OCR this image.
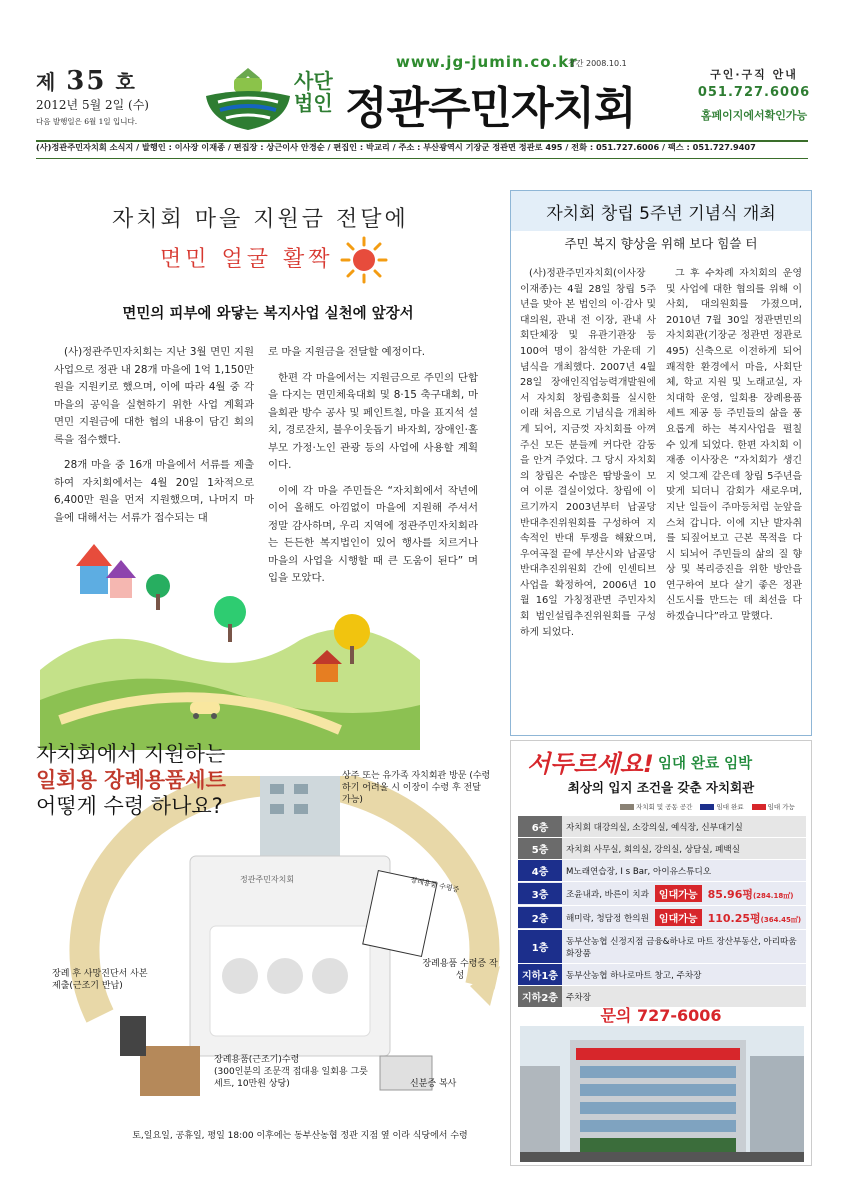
제 35 호
2012년 5월 2일 (수)
다음 발행일은 6월 1일 입니다.
www.jg-jumin.co.kr
창간 2008.10.1
사단법인 정관주민자치회
구인·구직 안내
051.727.6006
홈페이지에서확인가능
(사)정관주민자치회 소식지 / 발행인 : 이사장 이재종 / 편집장 : 상근이사 안경순 / 편집인 : 박교리 / 주소 : 부산광역시 기장군 정관면 정관로 495 / 전화 : 051.727.6006 / 팩스 : 051.727.9407
자치회 마을 지원금 전달에
면민 얼굴 활짝
면민의 피부에 와닿는 복지사업 실천에 앞장서

(사)정관주민자치회는 지난 3월 면민 지원 사업으로 정관 내 28개 마을에 1억 1,150만 원을 지원키로 했으며, 이에 따라 4월 중 각 마을의 공익을 실현하기 위한 사업 계획과 면민 지원금에 대한 협의 내용이 담긴 회의록을 접수했다.

28개 마을 중 16개 마을에서 서류를 제출하여 자치회에서는 4월 20일 1차적으로 6,400만 원을 먼저 지원했으며, 나머지 마을에 대해서는 서류가 접수되는 대

로 마을 지원금을 전달할 예정이다.

한편 각 마을에서는 지원금으로 주민의 단합을 다지는 면민체육대회 및 8·15 축구대회, 마을회관 방수 공사 및 페인트칠, 마을 표지석 설치, 경로잔치, 불우이웃돕기 바자회, 장애인·홀부모 가정·노인 관광 등의 사업에 사용할 계획이다.

이에 각 마을 주민들은 “자치회에서 작년에 이어 올해도 아낌없이 마을에 지원해 주셔서 정말 감사하며, 우리 지역에 정관주민자치회라는 든든한 복지법인이 있어 행사를 치르거나 마을의 사업을 시행할 때 큰 도움이 된다” 며 입을 모았다.

자치회 창립 5주년 기념식 개최
주민 복지 향상을 위해 보다 힘쓸 터

(사)정관주민자치회(이사장 이재종)는 4월 28일 창립 5주년을 맞아 본 법인의 이·감사 및 대의원, 관내 전 이장, 관내 사회단체장 및 유관기관장 등 100여 명이 참석한 가운데 기념식을 개최했다. 2007년 4월 28일 장애인직업능력개발원에서 자치회 창립총회를 실시한 이래 처음으로 기념식을 개최하게 되어, 지금껏 자치회를 아껴주신 모든 분들께 커다란 감동을 안겨 주었다. 그 당시 자치회의 창립은 수많은 땀방울이 모여 이룬 결실이었다. 창립에 이르기까지 2003년부터 납골당반대추진위원회를 구성하여 지속적인 반대 투쟁을 해왔으며, 우여곡절 끝에 부산시와 납골당반대추진위원회 간에 인센티브 사업을 확정하여, 2006년 10월 16일 가칭정관면 주민자치회 법인설립추진위원회를 구성하게 되었다.

그 후 수차례 자치회의 운영 및 사업에 대한 협의를 위해 이사회, 대의원회를 가졌으며, 2010년 7월 30일 정관면민의 자치회관(기장군 정관면 정관로 495) 신축으로 이전하게 되어 쾌적한 환경에서 마을, 사회단체, 학교 지원 및 노래교실, 자치대학 운영, 일회용 장례용품세트 제공 등 주민들의 삶을 풍요롭게 하는 복지사업을 펼칠 수 있게 되었다. 한편 자치회 이재종 이사장은 “자치회가 생긴 지 엊그제 같은데 창립 5주년을 맞게 되더니 감회가 새로우며, 지난 일들이 주마등처럼 눈앞을 스쳐 갑니다. 이에 지난 발자취를 되짚어보고 근본 목적을 다시 되뇌어 주민들의 삶의 질 향상 및 복리증진을 위한 방안을 연구하여 보다 살기 좋은 정관신도시를 만드는 데 최선을 다하겠습니다”라고 말했다.

자치회에서 지원하는
일회용 장례용품세트
어떻게 수령 하나요?
정관주민자치회	장례용품 수령증
상주 또는 유가족 자치회관 방문 (수령하기 어려울 시 이장이 수령 후 전달 가능)
장례용품 수령증 작성
신분증 복사
장례용품(근조기)수령
(300인분의 조문객 접대용 일회용 그릇세트, 10만원 상당)
장례 후 사망진단서 사본 제출(근조기 반납)
토,일요일, 공휴일, 평일 18:00 이후에는 동부산농협 정관 지점 옆 이라 식당에서 수령
서두르세요! 임대 완료 임박
최상의 입지 조건을 갖춘 자치회관
자치회 및 공동 공간	임대 완료	임대 가능
6층	자치회 대강의실, 소강의실, 예식장, 신부대기실
5층	자치회 사무실, 회의실, 강의실, 상담실, 폐백실
4층	M노래연습장, I s Bar, 아이유스튜디오
3층	조윤내과, 바른이 치과	임대가능 85.96평(284.18㎡)
2층	해미락, 청담정 한의원	임대가능 110.25평(364.45㎡)
1층
동부산농협 신정지점 금융&하나로 마트 장산부동산, 아리따움 화장품
지하1층 동부산농협 하나로마트 창고, 주차장
지하2층 주차장
문의 727-6006
